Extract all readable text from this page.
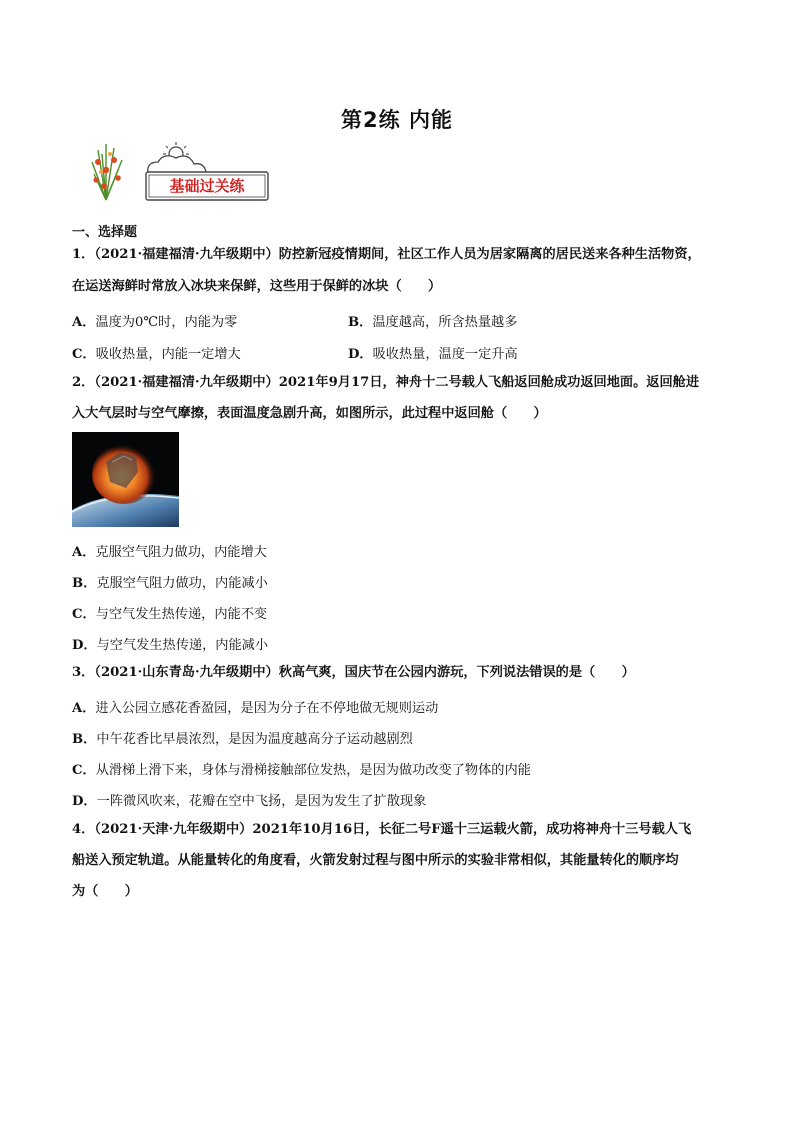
第2练 内能
基础过关练
一、选择题
1．（2021·福建福清·九年级期中）防控新冠疫情期间，社区工作人员为居家隔离的居民送来各种生活物资，
在运送海鲜时常放入冰块来保鲜，这些用于保鲜的冰块（　　）
A．温度为0℃时，内能为零	B．温度越高，所含热量越多
C．吸收热量，内能一定增大	D．吸收热量，温度一定升高
2．（2021·福建福清·九年级期中）2021年9月17日，神舟十二号载人飞船返回舱成功返回地面。返回舱进
入大气层时与空气摩擦，表面温度急剧升高，如图所示，此过程中返回舱（　　）
A．克服空气阻力做功，内能增大
B．克服空气阻力做功，内能减小
C．与空气发生热传递，内能不变
D．与空气发生热传递，内能减小
3．（2021·山东青岛·九年级期中）秋高气爽，国庆节在公园内游玩，下列说法错误的是（　　）
A．进入公园立感花香盈园，是因为分子在不停地做无规则运动
B．中午花香比早晨浓烈，是因为温度越高分子运动越剧烈
C．从滑梯上滑下来，身体与滑梯接触部位发热，是因为做功改变了物体的内能
D．一阵微风吹来，花瓣在空中飞扬，是因为发生了扩散现象
4．（2021·天津·九年级期中）2021年10月16日，长征二号F遥十三运载火箭，成功将神舟十三号载人飞
船送入预定轨道。从能量转化的角度看，火箭发射过程与图中所示的实验非常相似，其能量转化的顺序均
为（　　）
